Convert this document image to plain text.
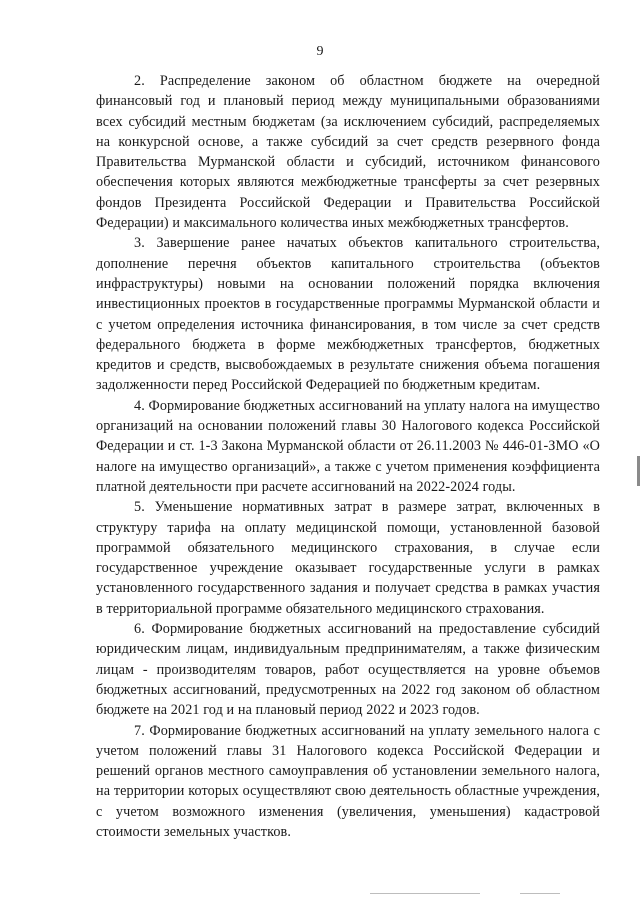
9

2. Распределение законом об областном бюджете на очередной финансовый год и плановый период между муниципальными образованиями всех субсидий местным бюджетам (за исключением субсидий, распределяемых на конкурсной основе, а также субсидий за счет средств резервного фонда Правительства Мурманской области и субсидий, источником финансового обеспечения которых являются межбюджетные трансферты за счет резервных фондов Президента Российской Федерации и Правительства Российской Федерации) и максимального количества иных межбюджетных трансфертов.

3. Завершение ранее начатых объектов капитального строительства, дополнение перечня объектов капитального строительства (объектов инфраструктуры) новыми на основании положений порядка включения инвестиционных проектов в государственные программы Мурманской области и с учетом определения источника финансирования, в том числе за счет средств федерального бюджета в форме межбюджетных трансфертов, бюджетных кредитов и средств, высвобождаемых в результате снижения объема погашения задолженности перед Российской Федерацией по бюджетным кредитам.

4. Формирование бюджетных ассигнований на уплату налога на имущество организаций на основании положений главы 30 Налогового кодекса Российской Федерации и ст. 1-3 Закона Мурманской области от 26.11.2003 № 446-01-ЗМО «О налоге на имущество организаций», а также с учетом применения коэффициента платной деятельности при расчете ассигнований на 2022-2024 годы.

5. Уменьшение нормативных затрат в размере затрат, включенных в структуру тарифа на оплату медицинской помощи, установленной базовой программой обязательного медицинского страхования, в случае если государственное учреждение оказывает государственные услуги в рамках установленного государственного задания и получает средства в рамках участия в территориальной программе обязательного медицинского страхования.

6. Формирование бюджетных ассигнований на предоставление субсидий юридическим лицам, индивидуальным предпринимателям, а также физическим лицам - производителям товаров, работ осуществляется на уровне объемов бюджетных ассигнований, предусмотренных на 2022 год законом об областном бюджете на 2021 год и на плановый период 2022 и 2023 годов.

7. Формирование бюджетных ассигнований на уплату земельного налога с учетом положений главы 31 Налогового кодекса Российской Федерации и решений органов местного самоуправления об установлении земельного налога, на территории которых осуществляют свою деятельность областные учреждения, с учетом возможного изменения (увеличения, уменьшения) кадастровой стоимости земельных участков.
